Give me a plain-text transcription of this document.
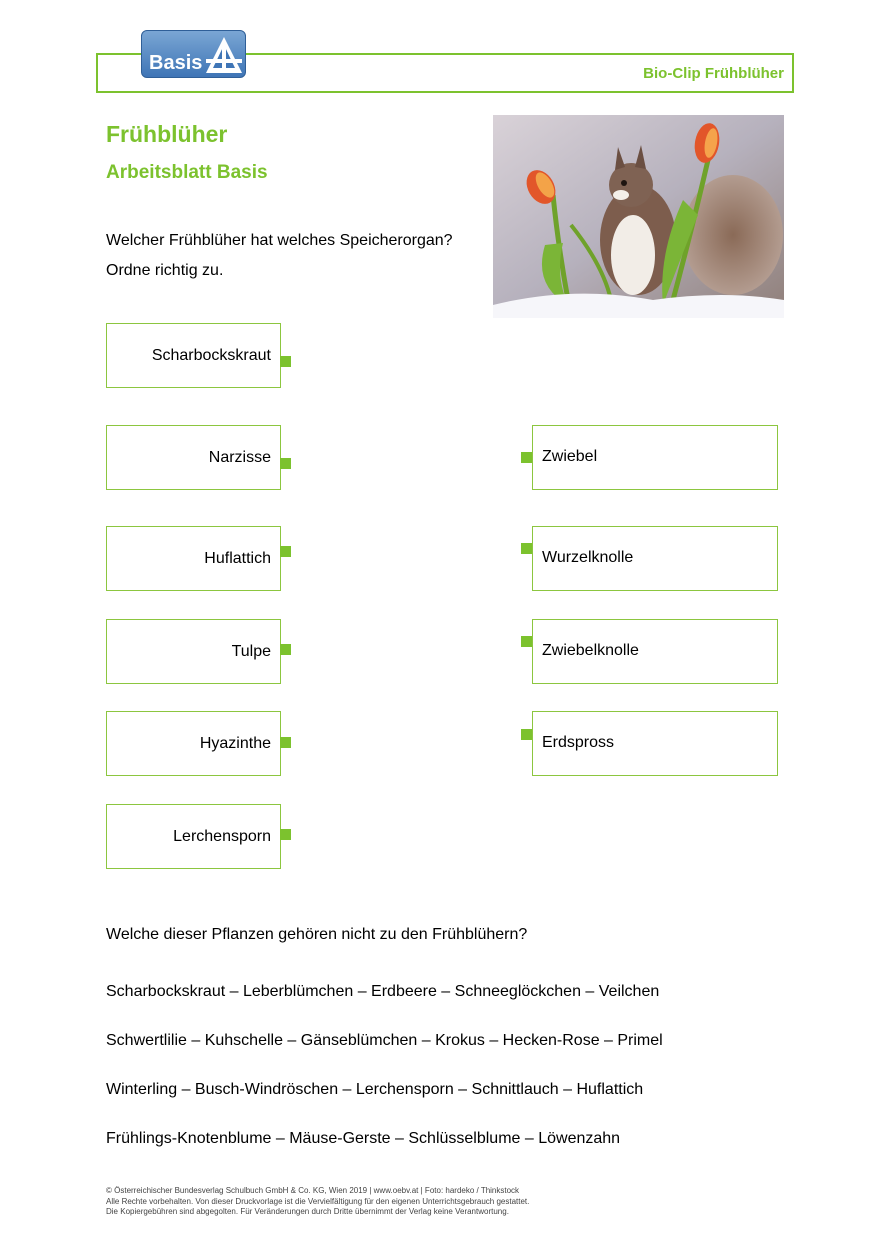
Bio-Clip Frühblüher
Basis
Frühblüher
Arbeitsblatt Basis
Welcher Frühblüher hat welches Speicherorgan?
Ordne richtig zu.
Scharbockskraut
Narzisse
Huflattich
Tulpe
Hyazinthe
Lerchensporn
Zwiebel
Wurzelknolle
Zwiebelknolle
Erdspross
Welche dieser Pflanzen gehören nicht zu den Frühblühern?
Scharbockskraut – Leberblümchen – Erdbeere – Schneeglöckchen – Veilchen
Schwertlilie – Kuhschelle – Gänseblümchen – Krokus – Hecken-Rose – Primel
Winterling – Busch-Windröschen – Lerchensporn – Schnittlauch – Huflattich
Frühlings-Knotenblume – Mäuse-Gerste – Schlüsselblume – Löwenzahn
© Österreichischer Bundesverlag Schulbuch GmbH & Co. KG, Wien 2019 | www.oebv.at | Foto: hardeko / Thinkstock
Alle Rechte vorbehalten. Von dieser Druckvorlage ist die Vervielfältigung für den eigenen Unterrichtsgebrauch gestattet.
Die Kopiergebühren sind abgegolten. Für Veränderungen durch Dritte übernimmt der Verlag keine Verantwortung.
